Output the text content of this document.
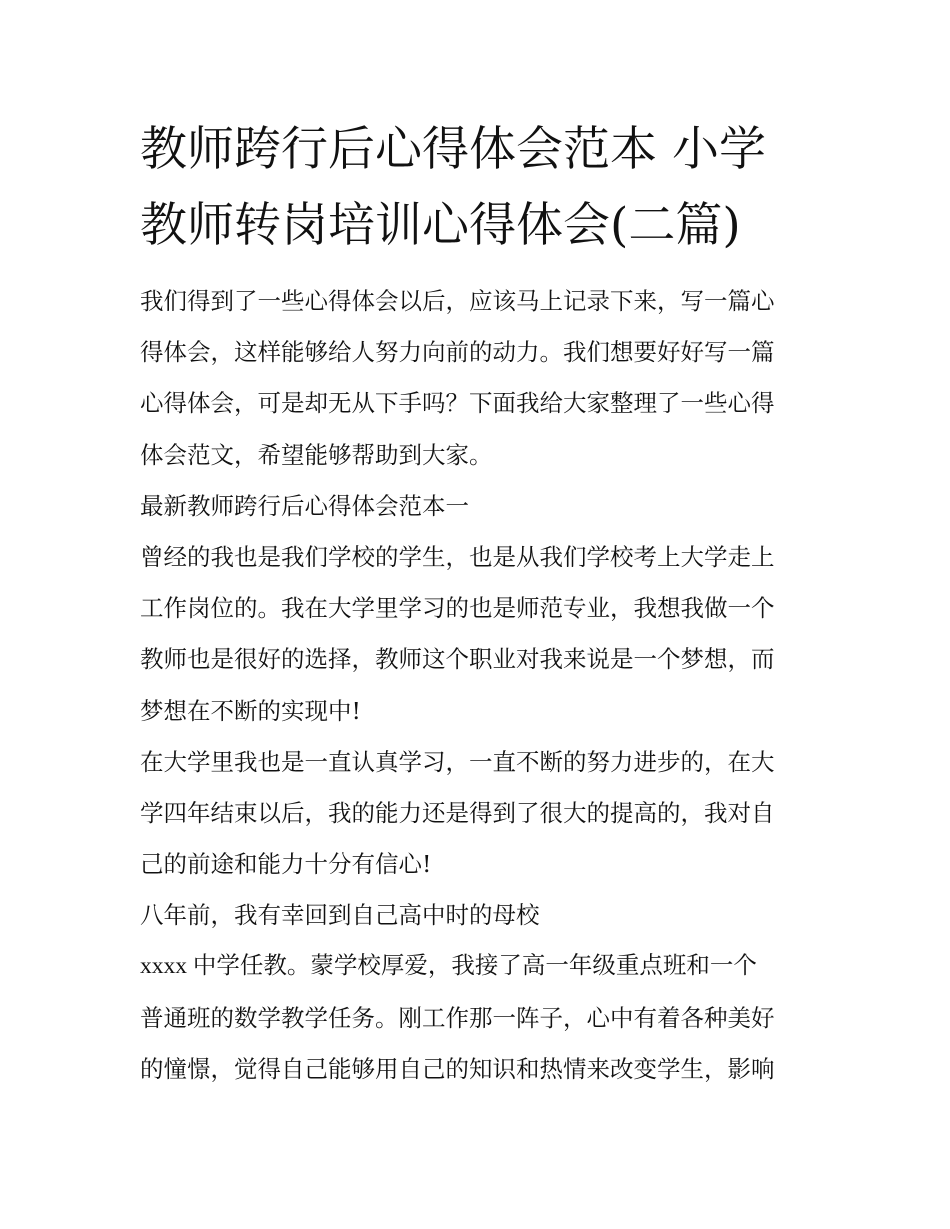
教师跨行后心得体会范本 小学
教师转岗培训心得体会(二篇)
我们得到了一些心得体会以后，应该马上记录下来，写一篇心
得体会，这样能够给人努力向前的动力。我们想要好好写一篇
心得体会，可是却无从下手吗？下面我给大家整理了一些心得
体会范文，希望能够帮助到大家。
最新教师跨行后心得体会范本一
曾经的我也是我们学校的学生，也是从我们学校考上大学走上
工作岗位的。我在大学里学习的也是师范专业，我想我做一个
教师也是很好的选择，教师这个职业对我来说是一个梦想，而
梦想在不断的实现中!
在大学里我也是一直认真学习，一直不断的努力进步的，在大
学四年结束以后，我的能力还是得到了很大的提高的，我对自
己的前途和能力十分有信心!
八年前，我有幸回到自己高中时的母校
xxxx 中学任教。蒙学校厚爱，我接了高一年级重点班和一个
普通班的数学教学任务。刚工作那一阵子，心中有着各种美好
的憧憬，觉得自己能够用自己的知识和热情来改变学生，影响
